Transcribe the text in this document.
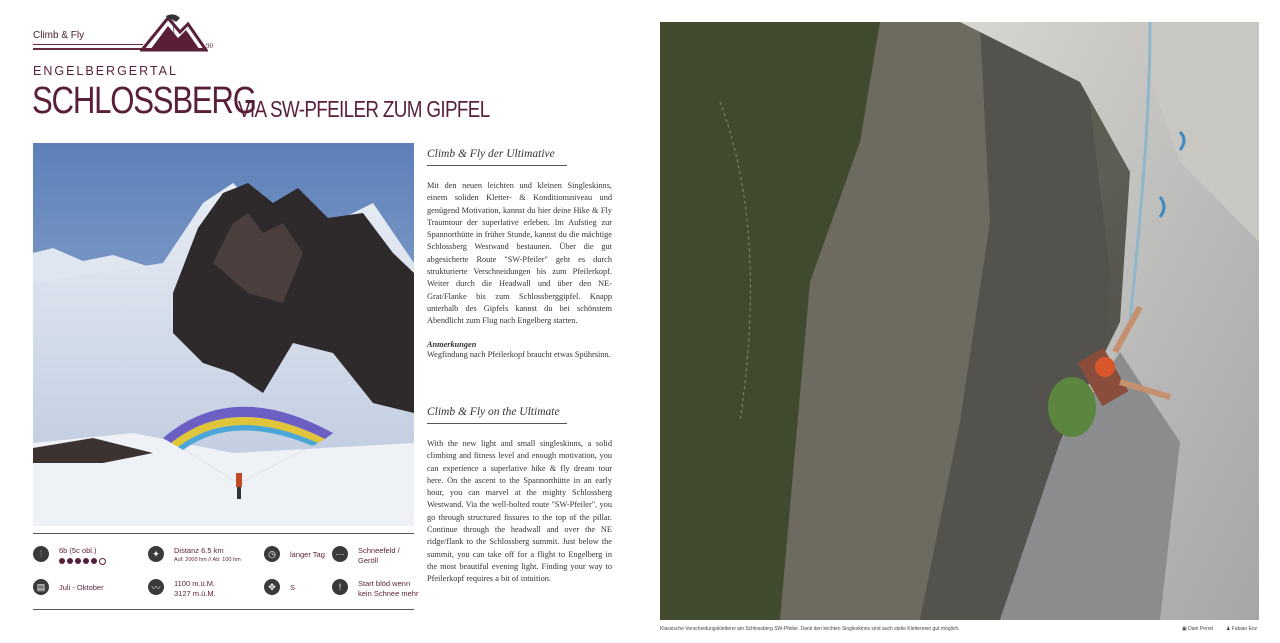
Climb & Fly
90
ENGELBERGERTAL
SCHLOSSBERG
VIA SW-PFEILER ZUM GIPFEL
Tolles Gefühl nach der Durchsteigung der Schlossberg SW-Pfeiler mit dem Schirm ins Tal zu fliegen.	▣ Julian Fürsinger	♟ Jonas Käppeli
⫶	6b (5c obl.)	✦	Distanz 6.5 km
Auf: 2000 hm // Ab: 100 hm
◷	langer Tag	⋯	Schneefeld /
Geröll
▤	Juli - Oktober	〰	1100 m.ü.M.
3127 m.ü.M.
✥	S	!	Start blöd wenn
kein Schnee mehr
Climb & Fly der Ultimative
Mit den neuen leichten und kleinen Singleskinns, einem soliden Kletter- & Konditionsniveau und genügend Motivation, kannst du hier deine Hike & Fly Traumtour der superlative erleben. Im Aufstieg zur Spannorthütte in früher Stunde, kannst du die mächtige Schlossberg Westwand bestaunen. Über die gut abgesicherte Route "SW-Pfeiler" geht es durch strukturierte Verschneidungen bis zum Pfeilerkopf. Weiter durch die Headwall und über den NE-Grat/Flanke bis zum Schlossberggipfel. Knapp unterhalb des Gipfels kannst du bei schönstem Abendlicht zum Flug nach Engelberg starten.
Anmerkungen
Wegfindung nach Pfeilerkopf braucht etwas Spührsinn.
Climb & Fly on the Ultimate
With the new light and small singleskinns, a solid climbing and fitness level and enough motivation, you can experience a superlative hike & fly dream tour here. On the ascent to the Spannorthütte in an early hour, you can marvel at the mighty Schlossberg Westwand. Via the well-bolted route "SW-Pfeiler", you go through structured fissures to the top of the pillar. Continue through the headwall and over the NE ridge/flank to the Schlossberg summit. Just below the summit, you can take off for a flight to Engelberg in the most beautiful evening light. Finding your way to Pfeilerkopf requires a bit of intuition.
Klassische Verscheidungskletterei am Schlossberg SW-Pfeiler. Dank den leichten Singleskinns sind auch steile Klettereien gut möglich.	▣ Dani Perrel	♟ Fabian Enz
